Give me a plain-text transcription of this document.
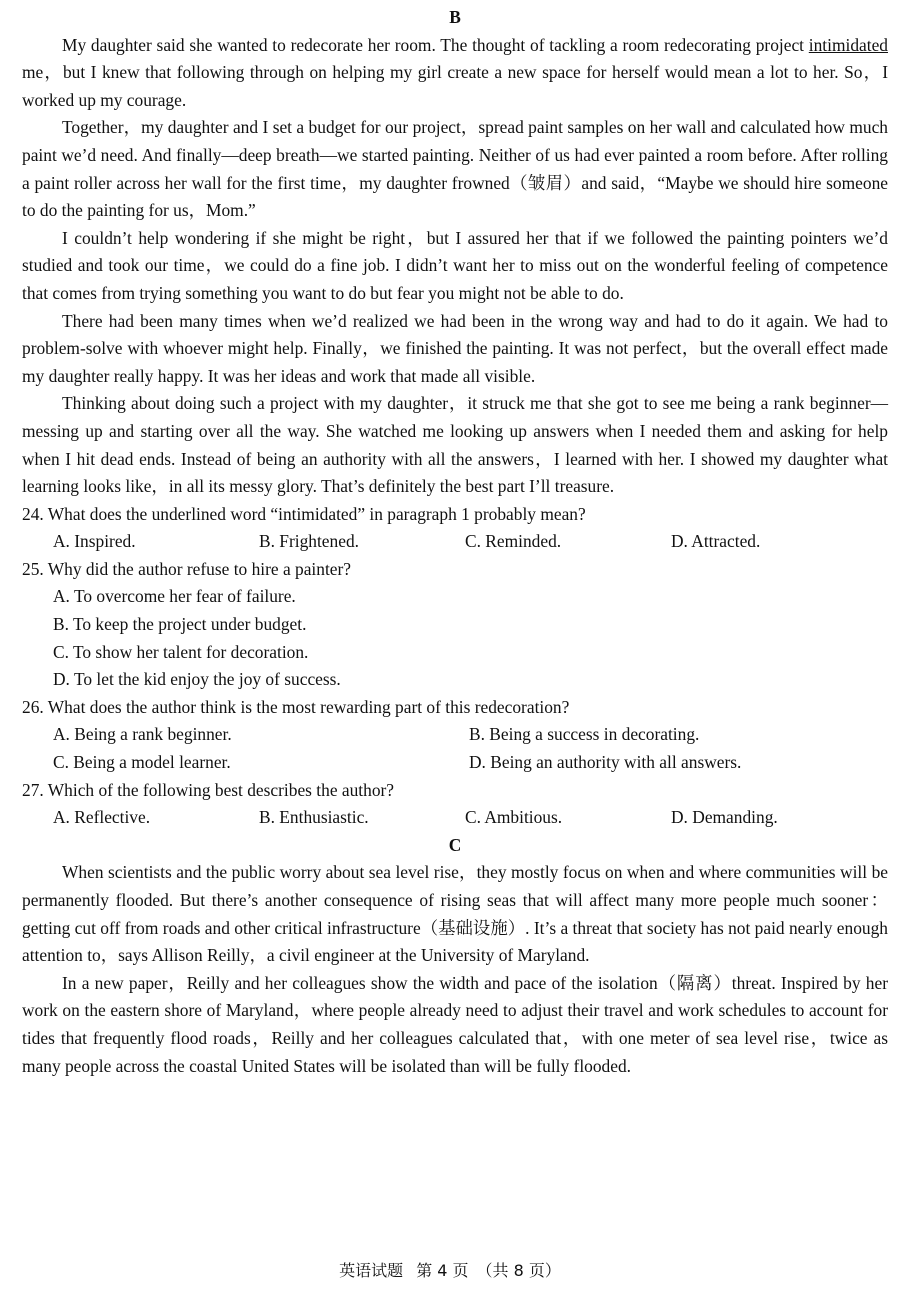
B

My daughter said she wanted to redecorate her room. The thought of tackling a room redecorating project intimidated me，but I knew that following through on helping my girl create a new space for herself would mean a lot to her. So，I worked up my courage.

Together，my daughter and I set a budget for our project，spread paint samples on her wall and calculated how much paint we’d need. And finally—deep breath—we started painting. Neither of us had ever painted a room before. After rolling a paint roller across her wall for the first time，my daughter frowned（皱眉）and said，“Maybe we should hire someone to do the painting for us，Mom.”

I couldn’t help wondering if she might be right，but I assured her that if we followed the painting pointers we’d studied and took our time，we could do a fine job. I didn’t want her to miss out on the wonderful feeling of competence that comes from trying something you want to do but fear you might not be able to do.

There had been many times when we’d realized we had been in the wrong way and had to do it again. We had to problem-solve with whoever might help. Finally，we finished the painting. It was not perfect，but the overall effect made my daughter really happy. It was her ideas and work that made all visible.

Thinking about doing such a project with my daughter，it struck me that she got to see me being a rank beginner—messing up and starting over all the way. She watched me looking up answers when I needed them and asking for help when I hit dead ends. Instead of being an authority with all the answers，I learned with her. I showed my daughter what learning looks like，in all its messy glory. That’s definitely the best part I’ll treasure.

24. What does the underlined word “intimidated” in paragraph 1 probably mean?

A. Inspired.	B. Frightened.	C. Reminded.	D. Attracted.

25. Why did the author refuse to hire a painter?

A. To overcome her fear of failure.
B. To keep the project under budget.
C. To show her talent for decoration.
D. To let the kid enjoy the joy of success.

26. What does the author think is the most rewarding part of this redecoration?

A. Being a rank beginner.	B. Being a success in decorating.
C. Being a model learner.	D. Being an authority with all answers.

27. Which of the following best describes the author?

A. Reflective.	B. Enthusiastic.	C. Ambitious.	D. Demanding.

C

When scientists and the public worry about sea level rise，they mostly focus on when and where communities will be permanently flooded. But there’s another consequence of rising seas that will affect many more people much sooner：getting cut off from roads and other critical infrastructure（基础设施）. It’s a threat that society has not paid nearly enough attention to，says Allison Reilly，a civil engineer at the University of Maryland.

In a new paper，Reilly and her colleagues show the width and pace of the isolation（隔离）threat. Inspired by her work on the eastern shore of Maryland，where people already need to adjust their travel and work schedules to account for tides that frequently flood roads，Reilly and her colleagues calculated that，with one meter of sea level rise，twice as many people across the coastal United States will be isolated than will be fully flooded.

英语试题 第 4 页 （共 8 页）
